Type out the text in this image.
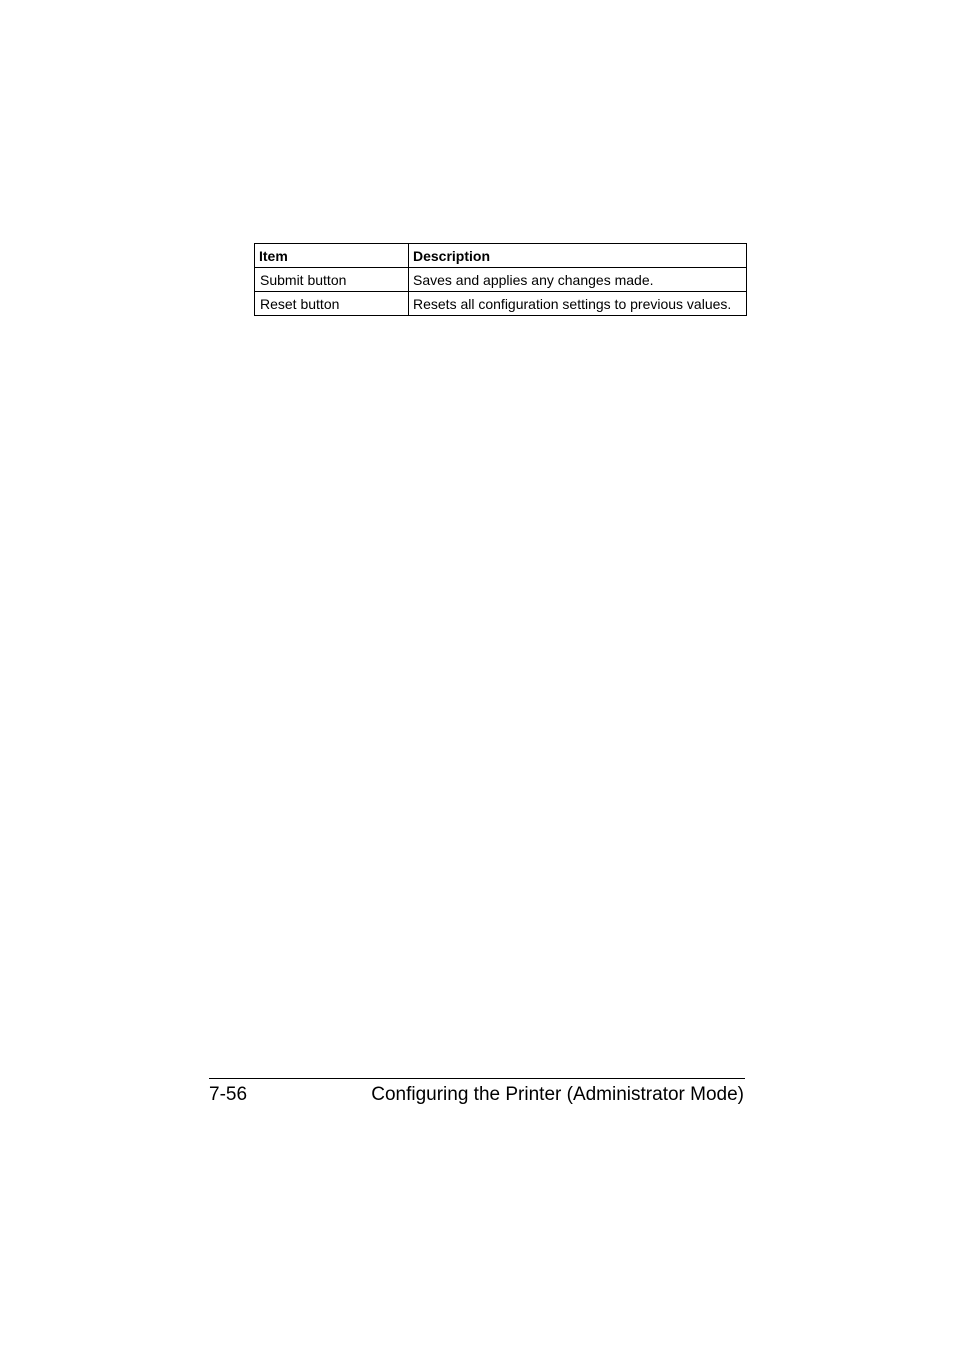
Item	Description
Submit button	Saves and applies any changes made.
Reset button	Resets all configuration settings to previous values.
7-56	Configuring the Printer (Administrator Mode)
